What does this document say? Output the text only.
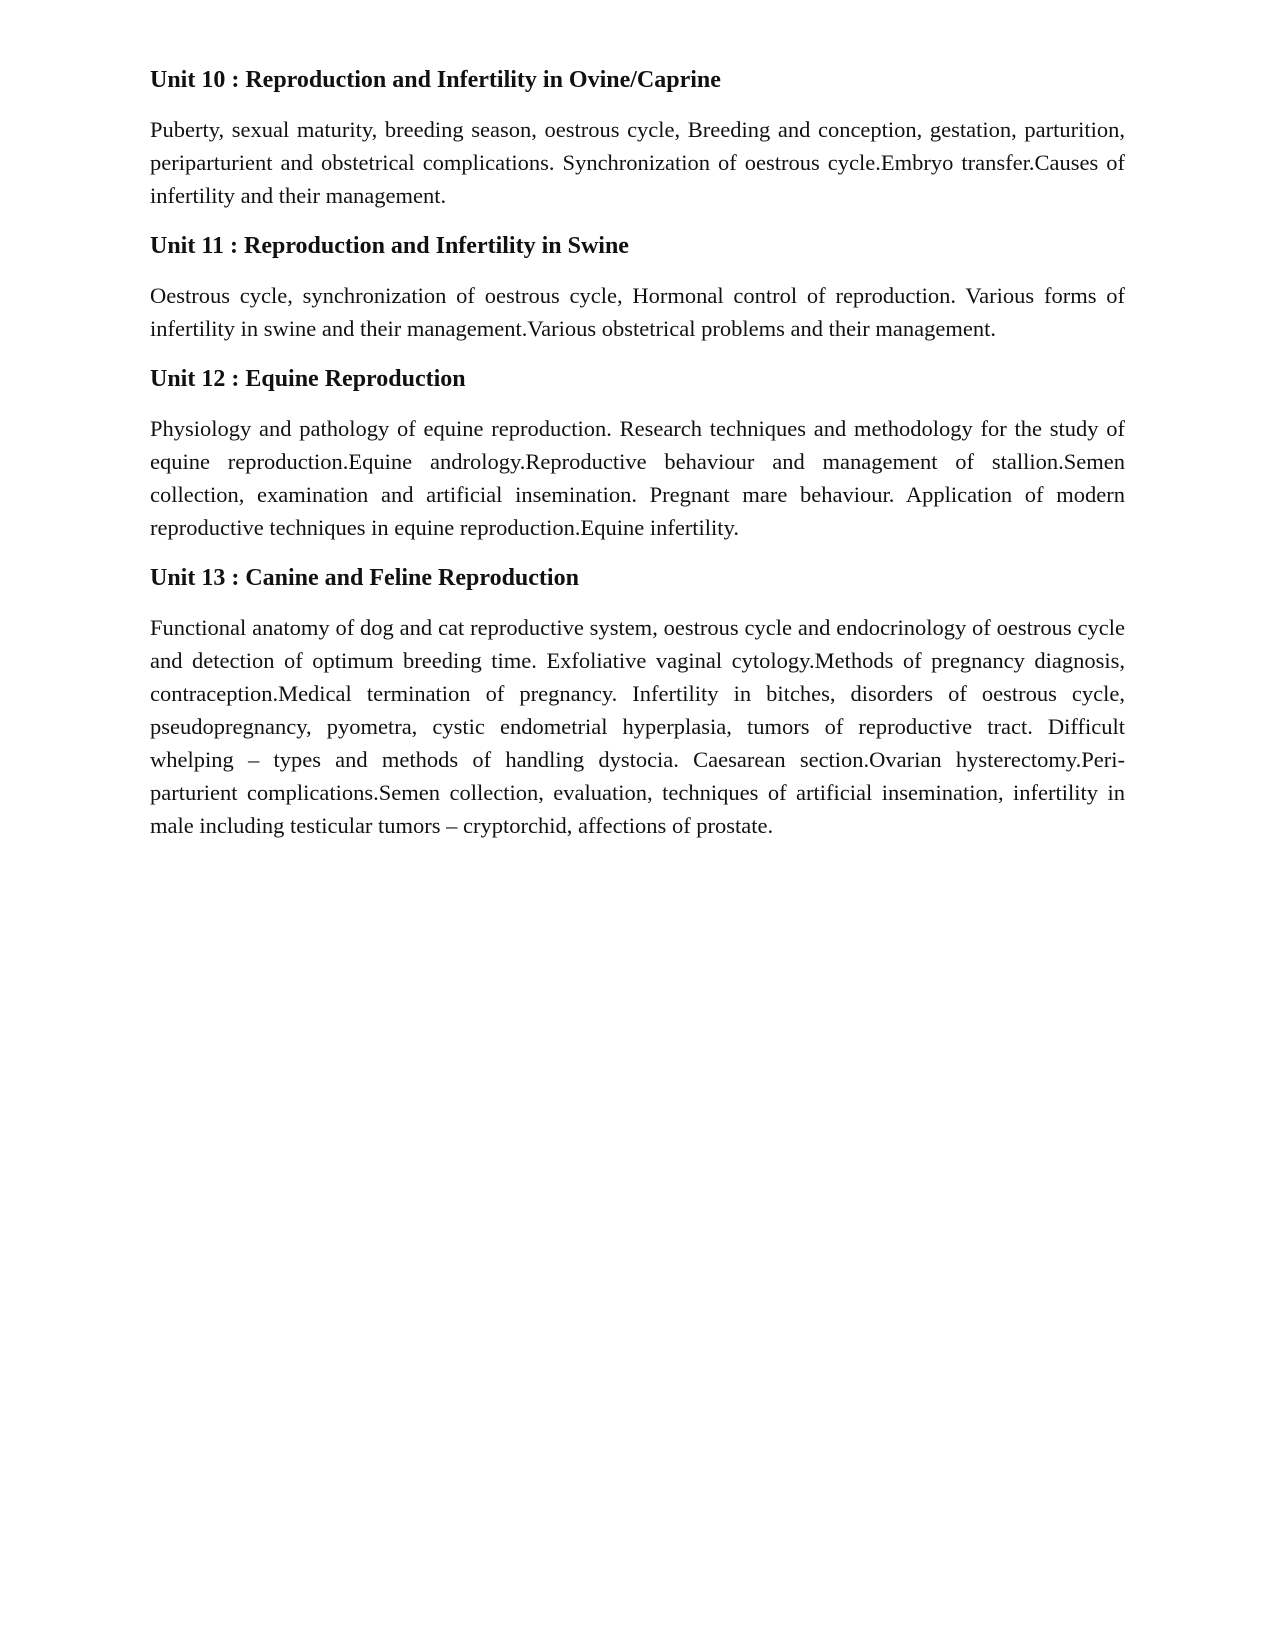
Unit 10 : Reproduction and Infertility in Ovine/Caprine

Puberty, sexual maturity, breeding season, oestrous cycle, Breeding and conception, gestation, parturition, periparturient and obstetrical complications. Synchronization of oestrous cycle.Embryo transfer.Causes of infertility and their management.

Unit 11 : Reproduction and Infertility in Swine

Oestrous cycle, synchronization of oestrous cycle, Hormonal control of reproduction. Various forms of infertility in swine and their management.Various obstetrical problems and their management.

Unit 12 : Equine Reproduction

Physiology and pathology of equine reproduction. Research techniques and methodology for the study of equine reproduction.Equine andrology.Reproductive behaviour and management of stallion.Semen collection, examination and artificial insemination. Pregnant mare behaviour. Application of modern reproductive techniques in equine reproduction.Equine infertility.

Unit 13 : Canine and Feline Reproduction

Functional anatomy of dog and cat reproductive system, oestrous cycle and endocrinology of oestrous cycle and detection of optimum breeding time. Exfoliative vaginal cytology.Methods of pregnancy diagnosis, contraception.Medical termination of pregnancy. Infertility in bitches, disorders of oestrous cycle, pseudopregnancy, pyometra, cystic endometrial hyperplasia, tumors of reproductive tract. Difficult whelping – types and methods of handling dystocia. Caesarean section.Ovarian hysterectomy.Peri-parturient complications.Semen collection, evaluation, techniques of artificial insemination, infertility in male including testicular tumors – cryptorchid, affections of prostate.
